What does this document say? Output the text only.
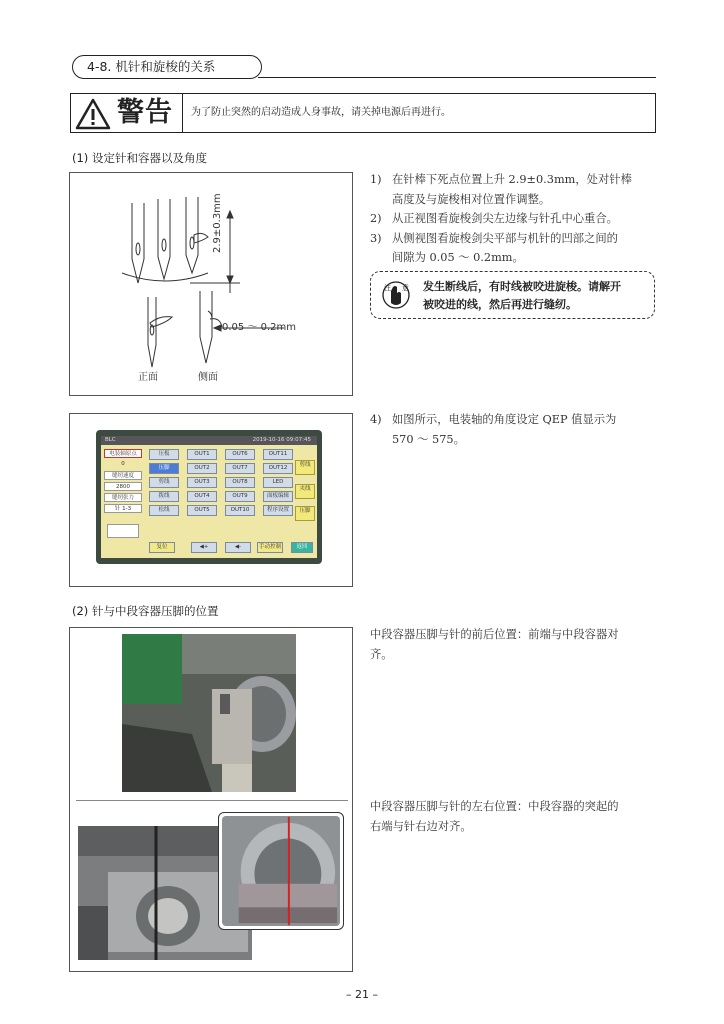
4-8. 机针和旋梭的关系
警告 为了防止突然的启动造成人身事故，请关掉电源后再进行。
(1) 设定针和容器以及角度
2.9±0.3mm
0.05 ～ 0.2mm
正面	侧面
1) 在针棒下死点位置上升 2.9±0.3mm，处对针棒
高度及与旋梭相对位置作调整。
2) 从正视图看旋梭剑尖左边缘与针孔中心重合。
3) 从侧视图看旋梭剑尖平部与机针的凹部之间的
间隙为 0.05 ～ 0.2mm。
注 意 发生断线后，有时线被咬进旋梭。请解开
被咬进的线，然后再进行缝纫。
BLC	2019-10-16 09:07:45
电装轴原点
0
缝纫速度
2800
缝纫张力
针 1-3
压板	OUT1	OUT6	OUT11
压脚	OUT2	OUT7	OUT12
剪线	OUT3	OUT8	LED
拨线	OUT4	OUT9	面板编辑
松线	OUT5	OUT10	程序设置
剪线
夹线
压脚
复位	◀+	◀-	手动控制	返回
4) 如图所示，电装轴的角度设定 QEP 值显示为
570 ～ 575。
(2) 针与中段容器压脚的位置
中段容器压脚与针的前后位置：前端与中段容器对
齐。
中段容器压脚与针的左右位置：中段容器的突起的
右端与针右边对齐。
– 21 –
